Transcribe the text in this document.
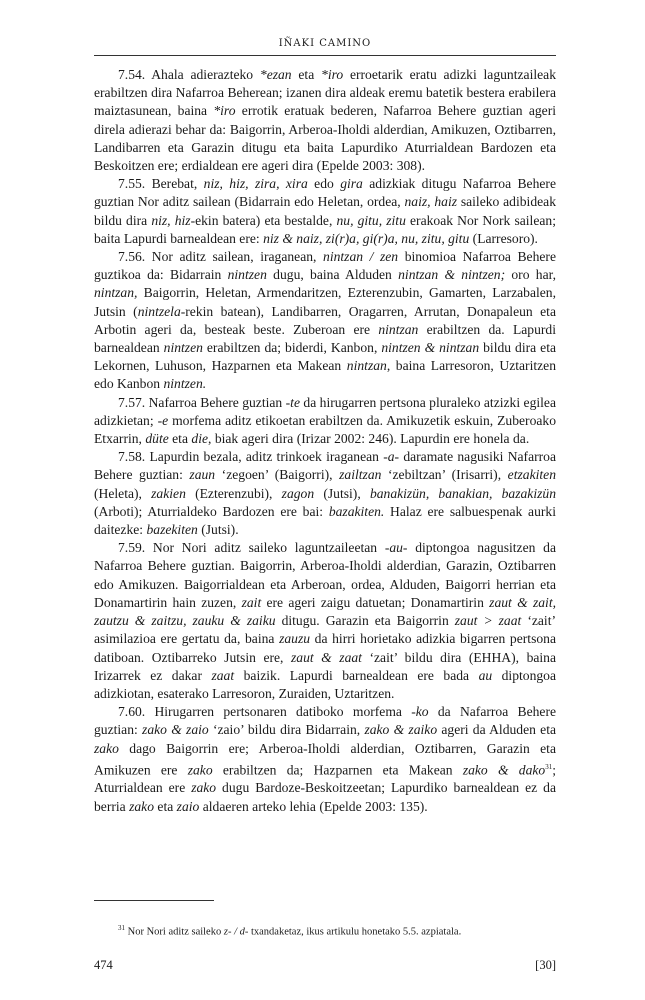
IÑAKI CAMINO

7.54. Ahala adierazteko *ezan eta *iro erroetarik eratu adizki laguntzaileak erabiltzen dira Nafarroa Beherean; izanen dira aldeak eremu batetik bestera erabilera maiztasunean, baina *iro errotik eratuak bederen, Nafarroa Behere guztian ageri direla adierazi behar da: Baigorrin, Arberoa-Iholdi alderdian, Amikuzen, Oztibarren, Landibarren eta Garazin ditugu eta baita Lapurdiko Aturrialdean Bardozen eta Beskoitzen ere; erdialdean ere ageri dira (Epelde 2003: 308).

7.55. Berebat, niz, hiz, zira, xira edo gira adizkiak ditugu Nafarroa Behere guztian Nor aditz sailean (Bidarrain edo Heletan, ordea, naiz, haiz saileko adibideak bildu dira niz, hiz-ekin batera) eta bestalde, nu, gitu, zitu erakoak Nor Nork sailean; baita Lapurdi barnealdean ere: niz & naiz, zi(r)a, gi(r)a, nu, zitu, gitu (Larresoro).

7.56. Nor aditz sailean, iraganean, nintzan / zen binomioa Nafarroa Behere guztikoa da: Bidarrain nintzen dugu, baina Alduden nintzan & nintzen; oro har, nintzan, Baigorrin, Heletan, Armendaritzen, Ezterenzubin, Gamarten, Larzabalen, Jutsin (nintzela-rekin batean), Landibarren, Oragarren, Arrutan, Donapaleun eta Arbotin ageri da, besteak beste. Zuberoan ere nintzan erabiltzen da. Lapurdi barnealdean nintzen erabiltzen da; biderdi, Kanbon, nintzen & nintzan bildu dira eta Lekornen, Luhuson, Hazparnen eta Makean nintzan, baina Larresoron, Uztaritzen edo Kanbon nintzen.

7.57. Nafarroa Behere guztian -te da hirugarren pertsona pluraleko atzizki egilea adizkietan; -e morfema aditz etikoetan erabiltzen da. Amikuzetik eskuin, Zuberoako Etxarrin, düte eta die, biak ageri dira (Irizar 2002: 246). Lapurdin ere honela da.

7.58. Lapurdin bezala, aditz trinkoek iraganean -a- daramate nagusiki Nafarroa Behere guztian: zaun ‘zegoen’ (Baigorri), zailtzan ‘zebiltzan’ (Irisarri), etzakiten (Heleta), zakien (Ezterenzubi), zagon (Jutsi), banakizün, banakian, bazakizün (Arboti); Aturrialdeko Bardozen ere bai: bazakiten. Halaz ere salbuespenak aurki daitezke: bazekiten (Jutsi).

7.59. Nor Nori aditz saileko laguntzaileetan -au- diptongoa nagusitzen da Nafarroa Behere guztian. Baigorrin, Arberoa-Iholdi alderdian, Garazin, Oztibarren edo Amikuzen. Baigorrialdean eta Arberoan, ordea, Alduden, Baigorri herrian eta Donamartirin hain zuzen, zait ere ageri zaigu datuetan; Donamartirin zaut & zait, zautzu & zaitzu, zauku & zaiku ditugu. Garazin eta Baigorrin zaut > zaat ‘zait’ asimilazioa ere gertatu da, baina zauzu da hirri horietako adizkia bigarren pertsona datiboan. Oztibarreko Jutsin ere, zaut & zaat ‘zait’ bildu dira (EHHA), baina Irizarrek ez dakar zaat baizik. Lapurdi barnealdean ere bada au diptongoa adizkiotan, esaterako Larresoron, Zuraiden, Uztaritzen.

7.60. Hirugarren pertsonaren datiboko morfema -ko da Nafarroa Behere guztian: zako & zaio ‘zaio’ bildu dira Bidarrain, zako & zaiko ageri da Alduden eta zako dago Baigorrin ere; Arberoa-Iholdi alderdian, Oztibarren, Garazin eta Amikuzen ere zako erabiltzen da; Hazparnen eta Makean zako & dako$^{31}$; Aturrialdean ere zako dugu Bardoze-Beskoitzeetan; Lapurdiko barnealdean ez da berria zako eta zaio aldaeren arteko lehia (Epelde 2003: 135).

$^{31}$ Nor Nori aditz saileko z- / d- txandaketaz, ikus artikulu honetako 5.5. azpiatala.
474	[30]
